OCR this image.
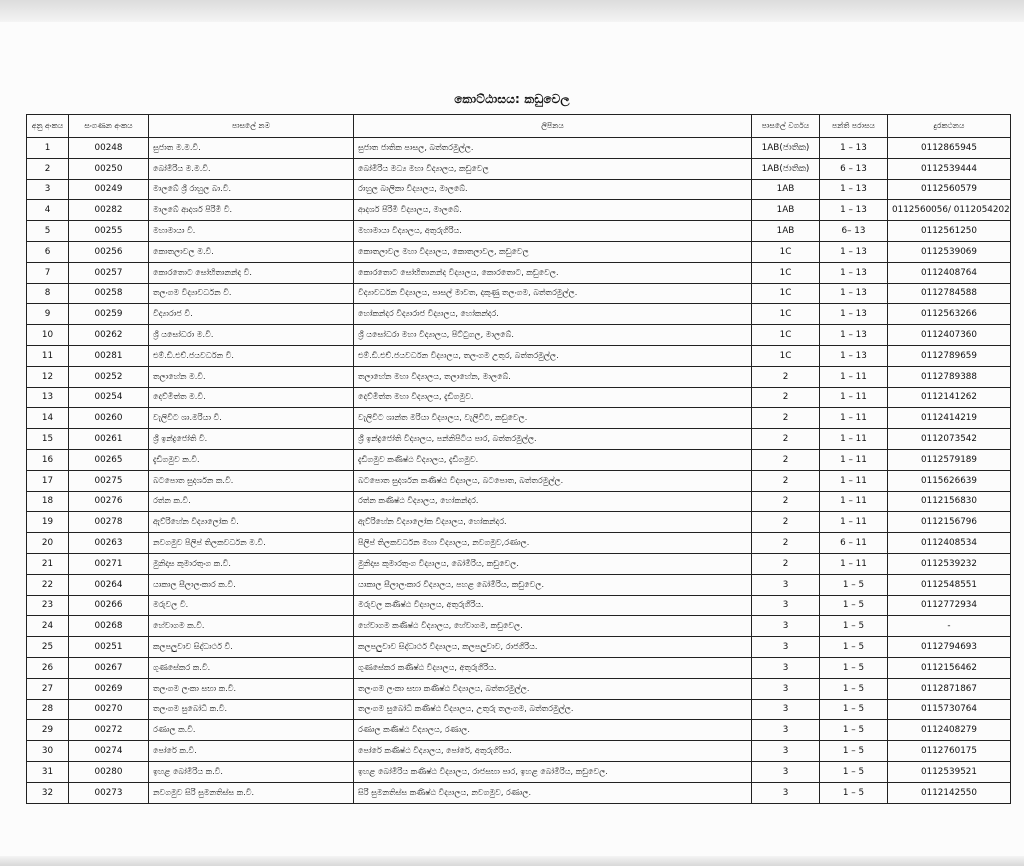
කොට්ඨාසය: කඩුවෙල
අනු අංකය	සංගණන අංකය	පාසලේ නම	ලිපිනය	පාසලේ වර්ගය	පන්ති පරාසය	දුරකථනය
1	00248	සුජාත ම.ම.වි.	සුජාත ජාතික පාසල, බත්තරමුල්ල.	1AB(ජාතික)	1 – 13	0112865945
2	00250	බෝමිරිය ම.ම.වි.	බෝමිරිය මධ්‍ය මහා විද්‍යාලය, කඩුවෙල	1AB(ජාතික)	6 – 13	0112539444
3	00249	මාලබේ ශ්‍රී රාහුල බා.වි.	රාහුල බාලිකා විද්‍යාලය, මාලබේ.	1AB	1 – 13	0112560579
4	00282	මාලබේ ආදර්ශ පිරිමි වි.	ආදර්ශ පිරිමි විද්‍යාලය, මාලබේ.	1AB	1 – 13	0112560056/ 0112054202
5	00255	මහාමායා වි.	මහාමායා විද්‍යාලය, අතුරුගිරිය.	1AB	6– 13	0112561250
6	00256	කොතලාවල ම.වි.	කොතලාවල මහා විද්‍යාලය, කොතලාවල, කඩුවෙල	1C	1 – 13	0112539069
7	00257	කොරතොට සෝභිතානන්ද වි.	කොරතොට සෝභිතානන්ද විද්‍යාලය, කොරතොට, කඩුවෙල.	1C	1 – 13	0112408764
8	00258	තලංගම විද්‍යාවර්ධන වි.	විද්‍යාවර්ධන විද්‍යාලය, පාසල් මාවත, දකුණු තලංගම, බත්තරමුල්ල.	1C	1 – 13	0112784588
9	00259	විද්‍යාරාජ වි.	හෝකන්දර විද්‍යාරාජ විද්‍යාලය, හෝකන්දර.	1C	1 – 13	0112563266
10	00262	ශ්‍රී යසෝධරා ම.වි.	ශ්‍රී යසෝධරා මහා විද්‍යාලය, පිට්ටුගල, මාලබේ.	1C	1 – 13	0112407360
11	00281	එම්.ඩී.එච්.ජයවර්ධන වි.	එම්.ඩී.එච්.ජයවර්ධන විද්‍යාලය, තලංගම උතුර, බත්තරමුල්ල.	1C	1 – 13	0112789659
12	00252	තලාහේන ම.වි.	තලාහේන මහා විද්‍යාලය, තලාහේන, මාලබේ.	2	1 – 11	0112789388
13	00254	දෙව්මිත්ත ම.වි.	දෙව්මිත්ත මහා විද්‍යාලය, දැඩිගමුව.	2	1 – 11	0112141262
14	00260	වැලිවිට ශා.මරියා වි.	වැලිවිට ශාන්ත මරියා විද්‍යාලය, වැලිවිට, කඩුවෙල.	2	1 – 11	0112414219
15	00261	ශ්‍රී ඉන්ද්‍රජෝති වි.	ශ්‍රී ඉන්ද්‍රජෝති විද්‍යාලය, පන්නිපිටිය පාර, බත්තරමුල්ල.	2	1 – 11	0112073542
16	00265	දැඩිගමුව ක.වි.	දැඩිගමුව කණිෂ්ඨ විද්‍යාලය, දැඩිගමුව.	2	1 – 11	0112579189
17	00275	බටපොත සුදර්ශන ක.වි.	බටපොත සුදර්ශන කණිෂ්ඨ විද්‍යාලය, බටපොත, බත්තරමුල්ල.	2	1 – 11	0115626639
18	00276	රත්න ක.වි.	රත්න කණිෂ්ඨ විද්‍යාලය, හෝකන්දර.	2	1 – 11	0112156830
19	00278	ඇව්රිහේන විද්‍යාලෝක වි.	ඇව්රිහේන විද්‍යාලෝක විද්‍යාලය, හෝකන්දර.	2	1 – 11	0112156796
20	00263	නවගමුව පිලිප් තිලකවර්ධන ම.වි.	පිලිප් තිලකවර්ධන මහා විද්‍යාලය, නවගමුව,රණාල.	2	6 – 11	0112408534
21	00271	මුනිදාස කුමාරතුංග ක.වි.	මුනිදාස කුමාරතුංග විද්‍යාලය, බෝමිරිය, කඩුවෙල.	2	1 – 11	0112539232
22	00264	යාකාල සීලාලංකාර ක.වි.	යාකාල සීලාලංකාර විද්‍යාලය, පහළ බෝමිරිය, කඩුවෙල.	3	1 – 5	0112548551
23	00266	මරුවල වි.	මරුවල කණිෂ්ඨ විද්‍යාලය, අතුරුගිරිය.	3	1 – 5	0112772934
24	00268	හේවාගම ක.වි.	හේවාගම කණිෂ්ඨ විද්‍යාලය, හේවාගම, කඩුවෙල.	3	1 – 5	-
25	00251	කලපලුවාව සිද්ධාර්ථ වි.	කලපලුවාව සිද්ධාර්ථ විද්‍යාලය, කලපලුවාව, රාජගිරිය.	3	1 – 5	0112794693
26	00267	ගුණසේකර ක.වි.	ගුණසේකර කණිෂ්ඨ විද්‍යාලය, අතුරුගිරිය.	3	1 – 5	0112156462
27	00269	තලංගම ලංකා සභා ක.වි.	තලංගම ලංකා සභා කණිෂ්ඨ විද්‍යාලය, බත්තරමුල්ල.	3	1 – 5	0112871867
28	00270	තලංගම සුබෝධි ක.වි.	තලංගම සුබෝධි කණිෂ්ඨ විද්‍යාලය, උතුරු තලංගම, බත්තරමුල්ල.	3	1 – 5	0115730764
29	00272	රණාල ක.වි.	රණාල කණිෂ්ඨ විද්‍යාලය, රණාල.	3	1 – 5	0112408279
30	00274	පෝරේ ක.වි.	පෝරේ කණිෂ්ඨ විද්‍යාලය, පෝරේ, අතුරුගිරිය.	3	1 – 5	0112760175
31	00280	ඉහළ බෝමිරිය ක.වි.	ඉහළ බෝමිරිය කණිෂ්ඨ විද්‍යාලය, රාජසභා පාර, ඉහළ බෝමිරිය, කඩුවෙල.	3	1 – 5	0112539521
32	00273	නවගමුව සිරි සුමනතිස්ස ක.වි.	සිරි සුමනතිස්ස කණිෂ්ඨ විද්‍යාලය, නවගමුව, රණාල.	3	1 – 5	0112142550
